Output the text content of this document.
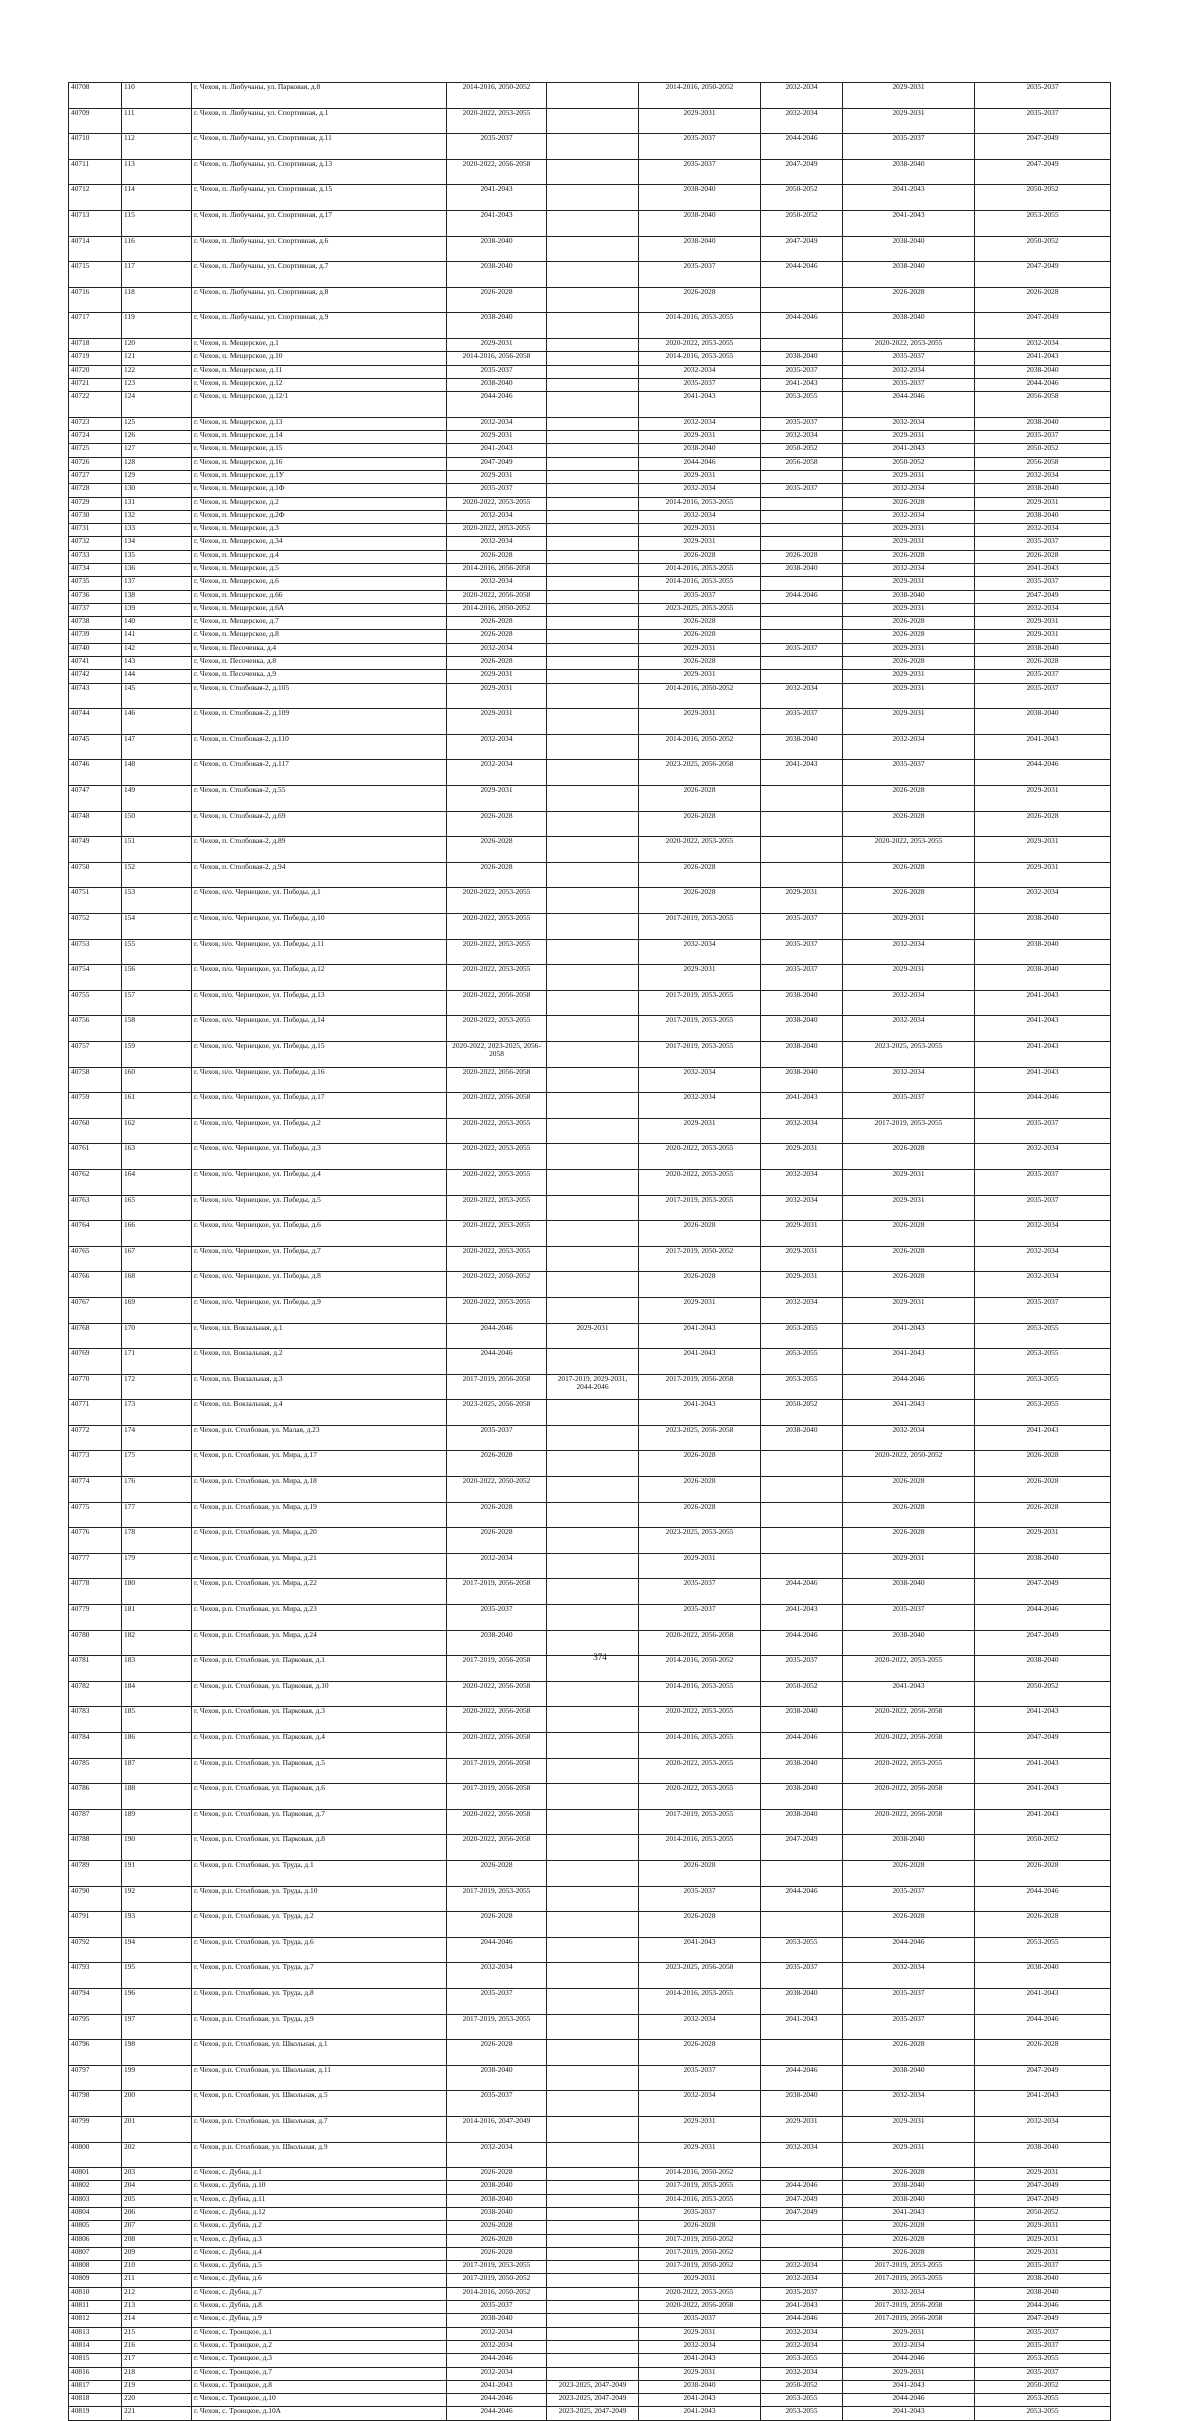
40708	110	г. Чехов, п. Любучаны, ул. Парковая, д.8	2014-2016, 2050-2052		2014-2016, 2050-2052	2032-2034	2029-2031	2035-2037
40709	111	г. Чехов, п. Любучаны, ул. Спортивная, д.1	2020-2022, 2053-2055		2029-2031	2032-2034	2029-2031	2035-2037
40710	112	г. Чехов, п. Любучаны, ул. Спортивная, д.11	2035-2037		2035-2037	2044-2046	2035-2037	2047-2049
40711	113	г. Чехов, п. Любучаны, ул. Спортивная, д.13	2020-2022, 2056-2058		2035-2037	2047-2049	2038-2040	2047-2049
40712	114	г. Чехов, п. Любучаны, ул. Спортивная, д.15	2041-2043		2038-2040	2050-2052	2041-2043	2050-2052
40713	115	г. Чехов, п. Любучаны, ул. Спортивная, д.17	2041-2043		2038-2040	2050-2052	2041-2043	2053-2055
40714	116	г. Чехов, п. Любучаны, ул. Спортивная, д.6	2038-2040		2038-2040	2047-2049	2038-2040	2050-2052
40715	117	г. Чехов, п. Любучаны, ул. Спортивная, д.7	2038-2040		2035-2037	2044-2046	2038-2040	2047-2049
40716	118	г. Чехов, п. Любучаны, ул. Спортивная, д.8	2026-2028		2026-2028		2026-2028	2026-2028
40717	119	г. Чехов, п. Любучаны, ул. Спортивная, д.9	2038-2040		2014-2016, 2053-2055	2044-2046	2038-2040	2047-2049
40718	120	г. Чехов, п. Мещерское, д.1	2029-2031		2020-2022, 2053-2055		2020-2022, 2053-2055	2032-2034
40719	121	г. Чехов, п. Мещерское, д.10	2014-2016, 2056-2058		2014-2016, 2053-2055	2038-2040	2035-2037	2041-2043
40720	122	г. Чехов, п. Мещерское, д.11	2035-2037		2032-2034	2035-2037	2032-2034	2038-2040
40721	123	г. Чехов, п. Мещерское, д.12	2038-2040		2035-2037	2041-2043	2035-2037	2044-2046
40722	124	г. Чехов, п. Мещерское, д.12/1	2044-2046		2041-2043	2053-2055	2044-2046	2056-2058
40723	125	г. Чехов, п. Мещерское, д.13	2032-2034		2032-2034	2035-2037	2032-2034	2038-2040
40724	126	г. Чехов, п. Мещерское, д.14	2029-2031		2029-2031	2032-2034	2029-2031	2035-2037
40725	127	г. Чехов, п. Мещерское, д.15	2041-2043		2038-2040	2050-2052	2041-2043	2050-2052
40726	128	г. Чехов, п. Мещерское, д.16	2047-2049		2044-2046	2056-2058	2050-2052	2056-2058
40727	129	г. Чехов, п. Мещерское, д.1У	2029-2031		2029-2031		2029-2031	2032-2034
40728	130	г. Чехов, п. Мещерское, д.1Ф	2035-2037		2032-2034	2035-2037	2032-2034	2038-2040
40729	131	г. Чехов, п. Мещерское, д.2	2020-2022, 2053-2055		2014-2016, 2053-2055		2026-2028	2029-2031
40730	132	г. Чехов, п. Мещерское, д.2Ф	2032-2034		2032-2034		2032-2034	2038-2040
40731	133	г. Чехов, п. Мещерское, д.3	2020-2022, 2053-2055		2029-2031		2029-2031	2032-2034
40732	134	г. Чехов, п. Мещерское, д.34	2032-2034		2029-2031		2029-2031	2035-2037
40733	135	г. Чехов, п. Мещерское, д.4	2026-2028		2026-2028	2026-2028	2026-2028	2026-2028
40734	136	г. Чехов, п. Мещерское, д.5	2014-2016, 2056-2058		2014-2016, 2053-2055	2038-2040	2032-2034	2041-2043
40735	137	г. Чехов, п. Мещерское, д.6	2032-2034		2014-2016, 2053-2055		2029-2031	2035-2037
40736	138	г. Чехов, п. Мещерское, д.66	2020-2022, 2056-2058		2035-2037	2044-2046	2038-2040	2047-2049
40737	139	г. Чехов, п. Мещерское, д.6А	2014-2016, 2050-2052		2023-2025, 2053-2055		2029-2031	2032-2034
40738	140	г. Чехов, п. Мещерское, д.7	2026-2028		2026-2028		2026-2028	2029-2031
40739	141	г. Чехов, п. Мещерское, д.8	2026-2028		2026-2028		2026-2028	2029-2031
40740	142	г. Чехов, п. Песоченка, д.4	2032-2034		2029-2031	2035-2037	2029-2031	2038-2040
40741	143	г. Чехов, п. Песоченка, д.8	2026-2028		2026-2028		2026-2028	2026-2028
40742	144	г. Чехов, п. Песоченка, д.9	2029-2031		2029-2031		2029-2031	2035-2037
40743	145	г. Чехов, п. Столбовая-2, д.105	2029-2031		2014-2016, 2050-2052	2032-2034	2029-2031	2035-2037
40744	146	г. Чехов, п. Столбовая-2, д.109	2029-2031		2029-2031	2035-2037	2029-2031	2038-2040
40745	147	г. Чехов, п. Столбовая-2, д.110	2032-2034		2014-2016, 2050-2052	2038-2040	2032-2034	2041-2043
40746	148	г. Чехов, п. Столбовая-2, д.117	2032-2034		2023-2025, 2056-2058	2041-2043	2035-2037	2044-2046
40747	149	г. Чехов, п. Столбовая-2, д.55	2029-2031		2026-2028		2026-2028	2029-2031
40748	150	г. Чехов, п. Столбовая-2, д.69	2026-2028		2026-2028		2026-2028	2026-2028
40749	151	г. Чехов, п. Столбовая-2, д.89	2026-2028		2020-2022, 2053-2055		2020-2022, 2053-2055	2029-2031
40750	152	г. Чехов, п. Столбовая-2, д.94	2026-2028		2026-2028		2026-2028	2029-2031
40751	153	г. Чехов, п/о. Чернецкое, ул. Победы, д.1	2020-2022, 2053-2055		2026-2028	2029-2031	2026-2028	2032-2034
40752	154	г. Чехов, п/о. Чернецкое, ул. Победы, д.10	2020-2022, 2053-2055		2017-2019, 2053-2055	2035-2037	2029-2031	2038-2040
40753	155	г. Чехов, п/о. Чернецкое, ул. Победы, д.11	2020-2022, 2053-2055		2032-2034	2035-2037	2032-2034	2038-2040
40754	156	г. Чехов, п/о. Чернецкое, ул. Победы, д.12	2020-2022, 2053-2055		2029-2031	2035-2037	2029-2031	2038-2040
40755	157	г. Чехов, п/о. Чернецкое, ул. Победы, д.13	2020-2022, 2056-2058		2017-2019, 2053-2055	2038-2040	2032-2034	2041-2043
40756	158	г. Чехов, п/о. Чернецкое, ул. Победы, д.14	2020-2022, 2053-2055		2017-2019, 2053-2055	2038-2040	2032-2034	2041-2043
40757	159	г. Чехов, п/о. Чернецкое, ул. Победы, д.15	2020-2022, 2023-2025, 2056-2058		2017-2019, 2053-2055	2038-2040	2023-2025, 2053-2055	2041-2043
40758	160	г. Чехов, п/о. Чернецкое, ул. Победы, д.16	2020-2022, 2056-2058		2032-2034	2038-2040	2032-2034	2041-2043
40759	161	г. Чехов, п/о. Чернецкое, ул. Победы, д.17	2020-2022, 2056-2058		2032-2034	2041-2043	2035-2037	2044-2046
40760	162	г. Чехов, п/о. Чернецкое, ул. Победы, д.2	2020-2022, 2053-2055		2029-2031	2032-2034	2017-2019, 2053-2055	2035-2037
40761	163	г. Чехов, п/о. Чернецкое, ул. Победы, д.3	2020-2022, 2053-2055		2020-2022, 2053-2055	2029-2031	2026-2028	2032-2034
40762	164	г. Чехов, п/о. Чернецкое, ул. Победы, д.4	2020-2022, 2053-2055		2020-2022, 2053-2055	2032-2034	2029-2031	2035-2037
40763	165	г. Чехов, п/о. Чернецкое, ул. Победы, д.5	2020-2022, 2053-2055		2017-2019, 2053-2055	2032-2034	2029-2031	2035-2037
40764	166	г. Чехов, п/о. Чернецкое, ул. Победы, д.6	2020-2022, 2053-2055		2026-2028	2029-2031	2026-2028	2032-2034
40765	167	г. Чехов, п/о. Чернецкое, ул. Победы, д.7	2020-2022, 2053-2055		2017-2019, 2050-2052	2029-2031	2026-2028	2032-2034
40766	168	г. Чехов, п/о. Чернецкое, ул. Победы, д.8	2020-2022, 2050-2052		2026-2028	2029-2031	2026-2028	2032-2034
40767	169	г. Чехов, п/о. Чернецкое, ул. Победы, д.9	2020-2022, 2053-2055		2029-2031	2032-2034	2029-2031	2035-2037
40768	170	г. Чехов, пл. Вокзальная, д.1	2044-2046	2029-2031	2041-2043	2053-2055	2041-2043	2053-2055
40769	171	г. Чехов, пл. Вокзальная, д.2	2044-2046		2041-2043	2053-2055	2041-2043	2053-2055
40770	172	г. Чехов, пл. Вокзальная, д.3	2017-2019, 2056-2058	2017-2019, 2029-2031, 2044-2046	2017-2019, 2056-2058	2053-2055	2044-2046	2053-2055
40771	173	г. Чехов, пл. Вокзальная, д.4	2023-2025, 2056-2058		2041-2043	2050-2052	2041-2043	2053-2055
40772	174	г. Чехов, р.п. Столбовая, ул. Малая, д.23	2035-2037		2023-2025, 2056-2058	2038-2040	2032-2034	2041-2043
40773	175	г. Чехов, р.п. Столбовая, ул. Мира, д.17	2026-2028		2026-2028		2020-2022, 2050-2052	2026-2028
40774	176	г. Чехов, р.п. Столбовая, ул. Мира, д.18	2020-2022, 2050-2052		2026-2028		2026-2028	2026-2028
40775	177	г. Чехов, р.п. Столбовая, ул. Мира, д.19	2026-2028		2026-2028		2026-2028	2026-2028
40776	178	г. Чехов, р.п. Столбовая, ул. Мира, д.20	2026-2028		2023-2025, 2053-2055		2026-2028	2029-2031
40777	179	г. Чехов, р.п. Столбовая, ул. Мира, д.21	2032-2034		2029-2031		2029-2031	2038-2040
40778	180	г. Чехов, р.п. Столбовая, ул. Мира, д.22	2017-2019, 2056-2058		2035-2037	2044-2046	2038-2040	2047-2049
40779	181	г. Чехов, р.п. Столбовая, ул. Мира, д.23	2035-2037		2035-2037	2041-2043	2035-2037	2044-2046
40780	182	г. Чехов, р.п. Столбовая, ул. Мира, д.24	2038-2040		2020-2022, 2056-2058	2044-2046	2038-2040	2047-2049
40781	183	г. Чехов, р.п. Столбовая, ул. Парковая, д.1	2017-2019, 2056-2058		2014-2016, 2050-2052	2035-2037	2020-2022, 2053-2055	2038-2040
40782	184	г. Чехов, р.п. Столбовая, ул. Парковая, д.10	2020-2022, 2056-2058		2014-2016, 2053-2055	2050-2052	2041-2043	2050-2052
40783	185	г. Чехов, р.п. Столбовая, ул. Парковая, д.3	2020-2022, 2056-2058		2020-2022, 2053-2055	2038-2040	2020-2022, 2056-2058	2041-2043
40784	186	г. Чехов, р.п. Столбовая, ул. Парковая, д.4	2020-2022, 2056-2058		2014-2016, 2053-2055	2044-2046	2020-2022, 2056-2058	2047-2049
40785	187	г. Чехов, р.п. Столбовая, ул. Парковая, д.5	2017-2019, 2056-2058		2020-2022, 2053-2055	2038-2040	2020-2022, 2053-2055	2041-2043
40786	188	г. Чехов, р.п. Столбовая, ул. Парковая, д.6	2017-2019, 2056-2058		2020-2022, 2053-2055	2038-2040	2020-2022, 2056-2058	2041-2043
40787	189	г. Чехов, р.п. Столбовая, ул. Парковая, д.7	2020-2022, 2056-2058		2017-2019, 2053-2055	2038-2040	2020-2022, 2056-2058	2041-2043
40788	190	г. Чехов, р.п. Столбовая, ул. Парковая, д.8	2020-2022, 2056-2058		2014-2016, 2053-2055	2047-2049	2038-2040	2050-2052
40789	191	г. Чехов, р.п. Столбовая, ул. Труда, д.1	2026-2028		2026-2028		2026-2028	2026-2028
40790	192	г. Чехов, р.п. Столбовая, ул. Труда, д.10	2017-2019, 2053-2055		2035-2037	2044-2046	2035-2037	2044-2046
40791	193	г. Чехов, р.п. Столбовая, ул. Труда, д.2	2026-2028		2026-2028		2026-2028	2026-2028
40792	194	г. Чехов, р.п. Столбовая, ул. Труда, д.6	2044-2046		2041-2043	2053-2055	2044-2046	2053-2055
40793	195	г. Чехов, р.п. Столбовая, ул. Труда, д.7	2032-2034		2023-2025, 2056-2058	2035-2037	2032-2034	2038-2040
40794	196	г. Чехов, р.п. Столбовая, ул. Труда, д.8	2035-2037		2014-2016, 2053-2055	2038-2040	2035-2037	2041-2043
40795	197	г. Чехов, р.п. Столбовая, ул. Труда, д.9	2017-2019, 2053-2055		2032-2034	2041-2043	2035-2037	2044-2046
40796	198	г. Чехов, р.п. Столбовая, ул. Школьная, д.1	2026-2028		2026-2028		2026-2028	2026-2028
40797	199	г. Чехов, р.п. Столбовая, ул. Школьная, д.11	2038-2040		2035-2037	2044-2046	2038-2040	2047-2049
40798	200	г. Чехов, р.п. Столбовая, ул. Школьная, д.5	2035-2037		2032-2034	2038-2040	2032-2034	2041-2043
40799	201	г. Чехов, р.п. Столбовая, ул. Школьная, д.7	2014-2016, 2047-2049		2029-2031	2029-2031	2029-2031	2032-2034
40800	202	г. Чехов, р.п. Столбовая, ул. Школьная, д.9	2032-2034		2029-2031	2032-2034	2029-2031	2038-2040
40801	203	г. Чехов, с. Дубна, д.1	2026-2028		2014-2016, 2050-2052		2026-2028	2029-2031
40802	204	г. Чехов, с. Дубна, д.10	2038-2040		2017-2019, 2053-2055	2044-2046	2038-2040	2047-2049
40803	205	г. Чехов, с. Дубна, д.11	2038-2040		2014-2016, 2053-2055	2047-2049	2038-2040	2047-2049
40804	206	г. Чехов, с. Дубна, д.12	2038-2040		2035-2037	2047-2049	2041-2043	2050-2052
40805	207	г. Чехов, с. Дубна, д.2	2026-2028		2026-2028		2026-2028	2029-2031
40806	208	г. Чехов, с. Дубна, д.3	2026-2028		2017-2019, 2050-2052		2026-2028	2029-2031
40807	209	г. Чехов, с. Дубна, д.4	2026-2028		2017-2019, 2050-2052		2026-2028	2029-2031
40808	210	г. Чехов, с. Дубна, д.5	2017-2019, 2053-2055		2017-2019, 2050-2052	2032-2034	2017-2019, 2053-2055	2035-2037
40809	211	г. Чехов, с. Дубна, д.6	2017-2019, 2050-2052		2029-2031	2032-2034	2017-2019, 2053-2055	2038-2040
40810	212	г. Чехов, с. Дубна, д.7	2014-2016, 2050-2052		2020-2022, 2053-2055	2035-2037	2032-2034	2038-2040
40811	213	г. Чехов, с. Дубна, д.8	2035-2037		2020-2022, 2056-2058	2041-2043	2017-2019, 2056-2058	2044-2046
40812	214	г. Чехов, с. Дубна, д.9	2038-2040		2035-2037	2044-2046	2017-2019, 2056-2058	2047-2049
40813	215	г. Чехов, с. Троицкое, д.1	2032-2034		2029-2031	2032-2034	2029-2031	2035-2037
40814	216	г. Чехов, с. Троицкое, д.2	2032-2034		2032-2034	2032-2034	2032-2034	2035-2037
40815	217	г. Чехов, с. Троицкое, д.3	2044-2046		2041-2043	2053-2055	2044-2046	2053-2055
40816	218	г. Чехов, с. Троицкое, д.7	2032-2034		2029-2031	2032-2034	2029-2031	2035-2037
40817	219	г. Чехов, с. Троицкое, д.8	2041-2043	2023-2025, 2047-2049	2038-2040	2050-2052	2041-2043	2050-2052
40818	220	г. Чехов, с. Троицкое, д.10	2044-2046	2023-2025, 2047-2049	2041-2043	2053-2055	2044-2046	2053-2055
40819	221	г. Чехов, с. Троицкое, д.10А	2044-2046	2023-2025, 2047-2049	2041-2043	2053-2055	2041-2043	2053-2055
374
